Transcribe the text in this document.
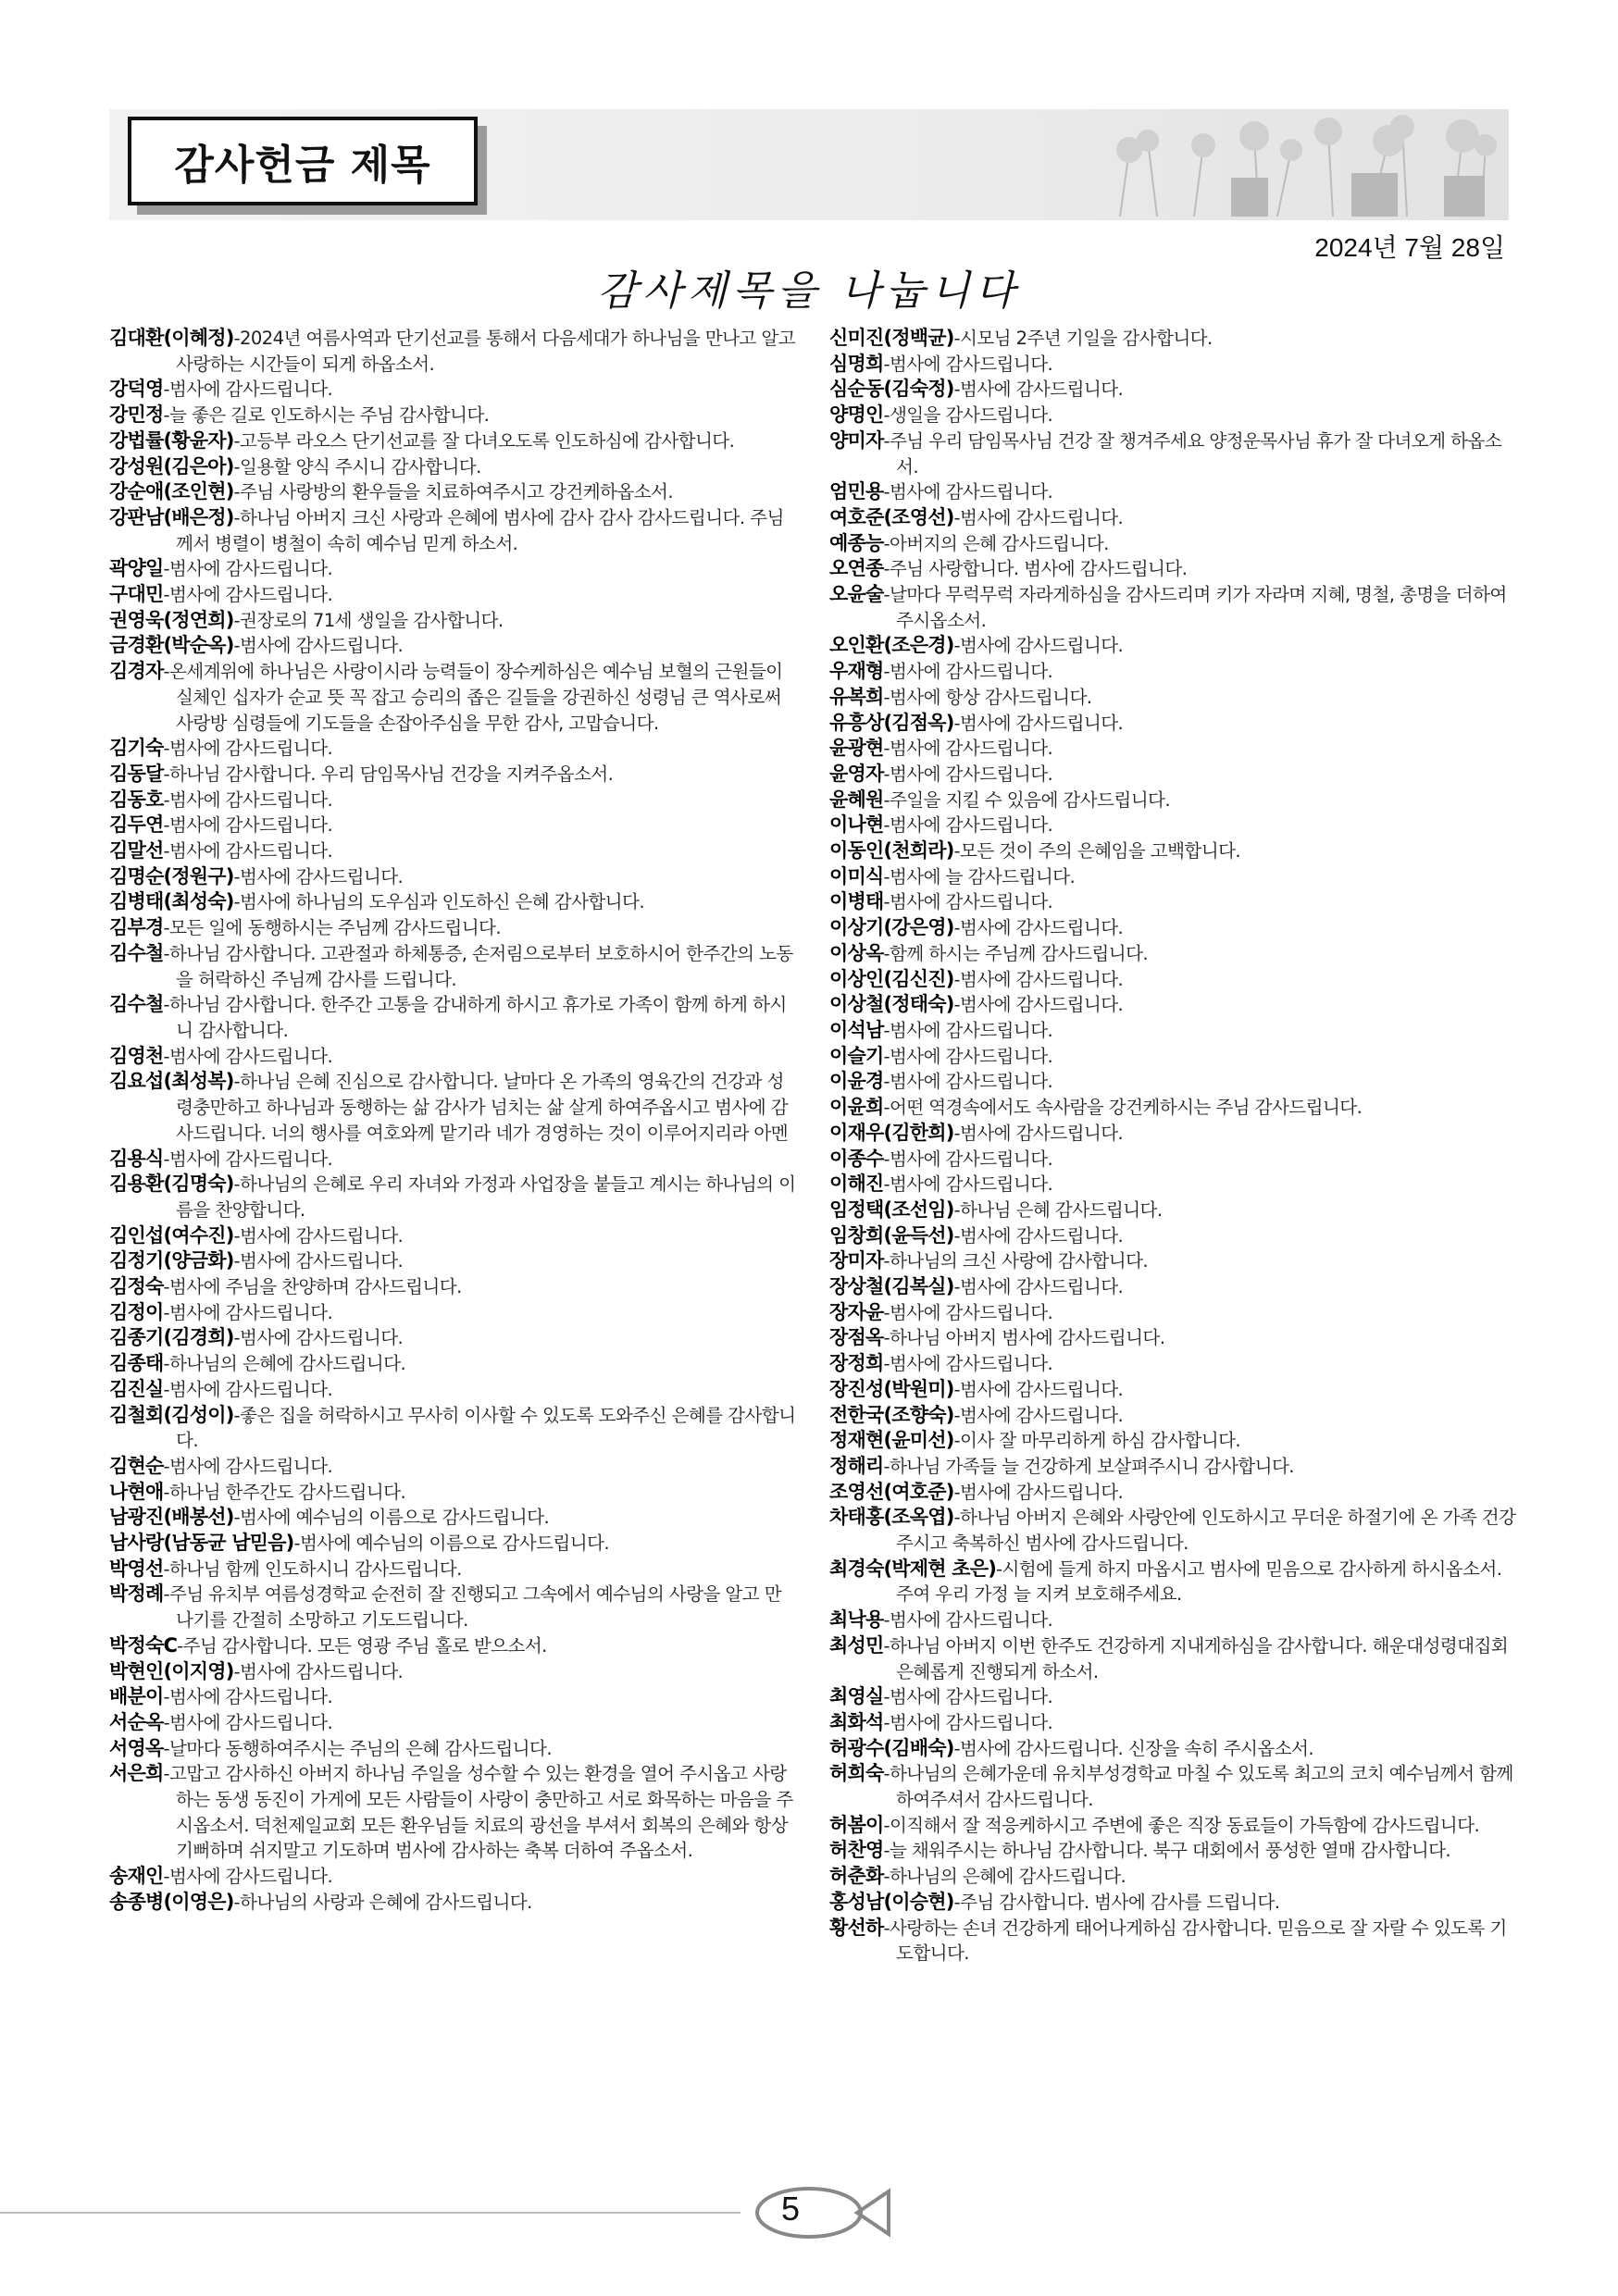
감사헌금 제목
2024년 7월 28일
감사제목을 나눕니다
김대환(이혜정)-2024년 여름사역과 단기선교를 통해서 다음세대가 하나님을 만나고 알고 사랑하는 시간들이 되게 하옵소서.
강덕영-범사에 감사드립니다.
강민정-늘 좋은 길로 인도하시는 주님 감사합니다.
강법률(황윤자)-고등부 라오스 단기선교를 잘 다녀오도록 인도하심에 감사합니다.
강성원(김은아)-일용할 양식 주시니 감사합니다.
강순애(조인현)-주님 사랑방의 환우들을 치료하여주시고 강건케하옵소서.
강판남(배은정)-하나님 아버지 크신 사랑과 은혜에 범사에 감사 감사 감사드립니다. 주님께서 병렬이 병철이 속히 예수님 믿게 하소서.
곽양일-범사에 감사드립니다.
구대민-범사에 감사드립니다.
권영욱(정연희)-권장로의 71세 생일을 감사합니다.
금경환(박순옥)-범사에 감사드립니다.
김경자-온세계위에 하나님은 사랑이시라 능력들이 장수케하심은 예수님 보혈의 근원들이 실체인 십자가 순교 뜻 꼭 잡고 승리의 좁은 길들을 강권하신 성령님 큰 역사로써 사랑방 심령들에 기도들을 손잡아주심을 무한 감사, 고맙습니다.
김기숙-범사에 감사드립니다.
김동달-하나님 감사합니다. 우리 담임목사님 건강을 지켜주옵소서.
김동호-범사에 감사드립니다.
김두연-범사에 감사드립니다.
김말선-범사에 감사드립니다.
김명순(정원구)-범사에 감사드립니다.
김병태(최성숙)-범사에 하나님의 도우심과 인도하신 은혜 감사합니다.
김부경-모든 일에 동행하시는 주님께 감사드립니다.
김수철-하나님 감사합니다. 고관절과 하체통증, 손저림으로부터 보호하시어 한주간의 노동을 허락하신 주님께 감사를 드립니다.
김수철-하나님 감사합니다. 한주간 고통을 감내하게 하시고 휴가로 가족이 함께 하게 하시니 감사합니다.
김영천-범사에 감사드립니다.
김요섭(최성복)-하나님 은혜 진심으로 감사합니다. 날마다 온 가족의 영육간의 건강과 성령충만하고 하나님과 동행하는 삶 감사가 넘치는 삶 살게 하여주옵시고 범사에 감사드립니다. 너의 행사를 여호와께 맡기라 네가 경영하는 것이 이루어지리라 아멘
김용식-범사에 감사드립니다.
김용환(김명숙)-하나님의 은혜로 우리 자녀와 가정과 사업장을 붙들고 계시는 하나님의 이름을 찬양합니다.
김인섭(여수진)-범사에 감사드립니다.
김정기(양금화)-범사에 감사드립니다.
김정숙-범사에 주님을 찬양하며 감사드립니다.
김정이-범사에 감사드립니다.
김종기(김경희)-범사에 감사드립니다.
김종태-하나님의 은혜에 감사드립니다.
김진실-범사에 감사드립니다.
김철회(김성이)-좋은 집을 허락하시고 무사히 이사할 수 있도록 도와주신 은혜를 감사합니다.
김현순-범사에 감사드립니다.
나현애-하나님 한주간도 감사드립니다.
남광진(배봉선)-범사에 예수님의 이름으로 감사드립니다.
남사랑(남동균 남믿음)-범사에 예수님의 이름으로 감사드립니다.
박영선-하나님 함께 인도하시니 감사드립니다.
박정례-주님 유치부 여름성경학교 순전히 잘 진행되고 그속에서 예수님의 사랑을 알고 만나기를 간절히 소망하고 기도드립니다.
박정숙C-주님 감사합니다. 모든 영광 주님 홀로 받으소서.
박현인(이지영)-범사에 감사드립니다.
배분이-범사에 감사드립니다.
서순옥-범사에 감사드립니다.
서영옥-날마다 동행하여주시는 주님의 은혜 감사드립니다.
서은희-고맙고 감사하신 아버지 하나님 주일을 성수할 수 있는 환경을 열어 주시옵고 사랑하는 동생 동진이 가게에 모든 사람들이 사랑이 충만하고 서로 화목하는 마음을 주시옵소서. 덕천제일교회 모든 환우님들 치료의 광선을 부셔서 회복의 은혜와 항상 기뻐하며 쉬지말고 기도하며 범사에 감사하는 축복 더하여 주옵소서.
송재인-범사에 감사드립니다.
송종병(이영은)-하나님의 사랑과 은혜에 감사드립니다.
신미진(정백균)-시모님 2주년 기일을 감사합니다.
심명희-범사에 감사드립니다.
심순동(김숙정)-범사에 감사드립니다.
양명인-생일을 감사드립니다.
양미자-주님 우리 담임목사님 건강 잘 챙겨주세요 양정운목사님 휴가 잘 다녀오게 하옵소서.
엄민용-범사에 감사드립니다.
여호준(조영선)-범사에 감사드립니다.
예종능-아버지의 은혜 감사드립니다.
오연종-주님 사랑합니다. 범사에 감사드립니다.
오윤술-날마다 무럭무럭 자라게하심을 감사드리며 키가 자라며 지혜, 명철, 총명을 더하여주시옵소서.
오인환(조은경)-범사에 감사드립니다.
우재형-범사에 감사드립니다.
유복희-범사에 항상 감사드립니다.
유흥상(김점옥)-범사에 감사드립니다.
윤광현-범사에 감사드립니다.
윤영자-범사에 감사드립니다.
윤혜원-주일을 지킬 수 있음에 감사드립니다.
이나현-범사에 감사드립니다.
이동인(천희라)-모든 것이 주의 은혜임을 고백합니다.
이미식-범사에 늘 감사드립니다.
이병태-범사에 감사드립니다.
이상기(강은영)-범사에 감사드립니다.
이상옥-함께 하시는 주님께 감사드립니다.
이상인(김신진)-범사에 감사드립니다.
이상철(정태숙)-범사에 감사드립니다.
이석남-범사에 감사드립니다.
이슬기-범사에 감사드립니다.
이윤경-범사에 감사드립니다.
이윤희-어떤 역경속에서도 속사람을 강건케하시는 주님 감사드립니다.
이재우(김한희)-범사에 감사드립니다.
이종수-범사에 감사드립니다.
이해진-범사에 감사드립니다.
임정택(조선임)-하나님 은혜 감사드립니다.
임창희(윤득선)-범사에 감사드립니다.
장미자-하나님의 크신 사랑에 감사합니다.
장상철(김복실)-범사에 감사드립니다.
장자윤-범사에 감사드립니다.
장점옥-하나님 아버지 범사에 감사드립니다.
장정희-범사에 감사드립니다.
장진성(박원미)-범사에 감사드립니다.
전한국(조향숙)-범사에 감사드립니다.
정재현(윤미선)-이사 잘 마무리하게 하심 감사합니다.
정해리-하나님 가족들 늘 건강하게 보살펴주시니 감사합니다.
조영선(여호준)-범사에 감사드립니다.
차태홍(조옥엽)-하나님 아버지 은혜와 사랑안에 인도하시고 무더운 하절기에 온 가족 건강주시고 축복하신 범사에 감사드립니다.
최경숙(박제현 초은)-시험에 들게 하지 마옵시고 범사에 믿음으로 감사하게 하시옵소서. 주여 우리 가정 늘 지켜 보호해주세요.
최낙용-범사에 감사드립니다.
최성민-하나님 아버지 이번 한주도 건강하게 지내게하심을 감사합니다. 해운대성령대집회 은혜롭게 진행되게 하소서.
최영실-범사에 감사드립니다.
최화석-범사에 감사드립니다.
허광수(김배숙)-범사에 감사드립니다. 신장을 속히 주시옵소서.
허희숙-하나님의 은혜가운데 유치부성경학교 마칠 수 있도록 최고의 코치 예수님께서 함께 하여주셔서 감사드립니다.
허봄이-이직해서 잘 적응케하시고 주변에 좋은 직장 동료들이 가득함에 감사드립니다.
허찬영-늘 채워주시는 하나님 감사합니다. 북구 대회에서 풍성한 열매 감사합니다.
허춘화-하나님의 은혜에 감사드립니다.
홍성남(이승현)-주님 감사합니다. 범사에 감사를 드립니다.
황선하-사랑하는 손녀 건강하게 태어나게하심 감사합니다. 믿음으로 잘 자랄 수 있도록 기도합니다.
5
